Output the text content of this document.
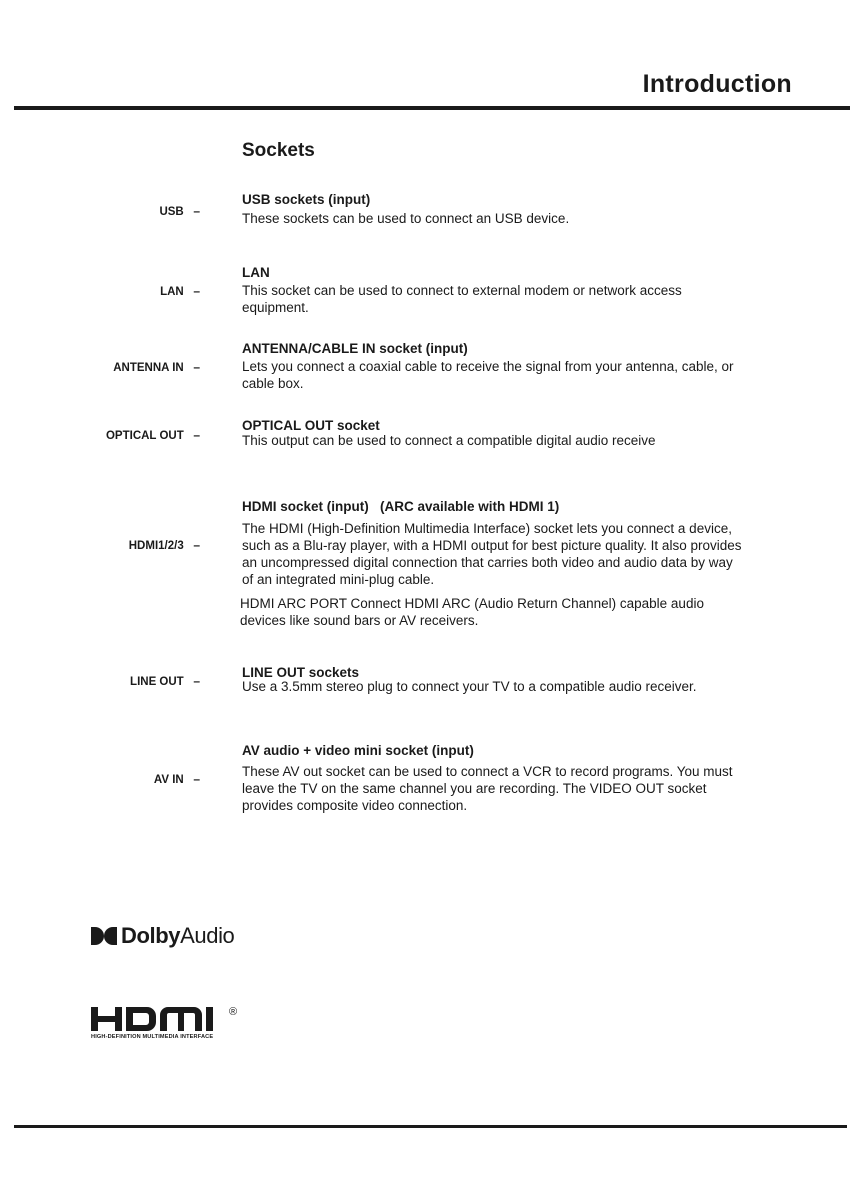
Introduction
Sockets
USB –
USB sockets (input)
These sockets can be used to connect an USB device.
LAN –
LAN
This socket can be used to connect to external modem or network access equipment.
ANTENNA IN –
ANTENNA/CABLE IN socket (input)
Lets you connect a coaxial cable to receive the signal from your antenna, cable, or cable box.
OPTICAL OUT –
OPTICAL OUT socket
This output can be used to connect a compatible digital audio receive
HDMI1/2/3 –
HDMI socket (input)   (ARC available with HDMI 1)
The HDMI (High-Definition Multimedia Interface) socket lets you connect a device, such as a Blu-ray player, with a HDMI output for best picture quality. It also provides an uncompressed digital connection that carries both video and audio data by way of an integrated mini-plug cable.
HDMI ARC PORT Connect HDMI ARC (Audio Return Channel) capable audio devices like sound bars or AV receivers.
LINE OUT –
LINE OUT sockets
Use a 3.5mm stereo plug to connect your TV to a compatible audio receiver.
AV IN –
AV audio + video mini socket (input)
These AV out socket can be used to connect a VCR to record programs. You must leave the TV on the same channel you are recording. The VIDEO OUT socket provides composite video connection.
DolbyAudio
®
HIGH-DEFINITION MULTIMEDIA INTERFACE
